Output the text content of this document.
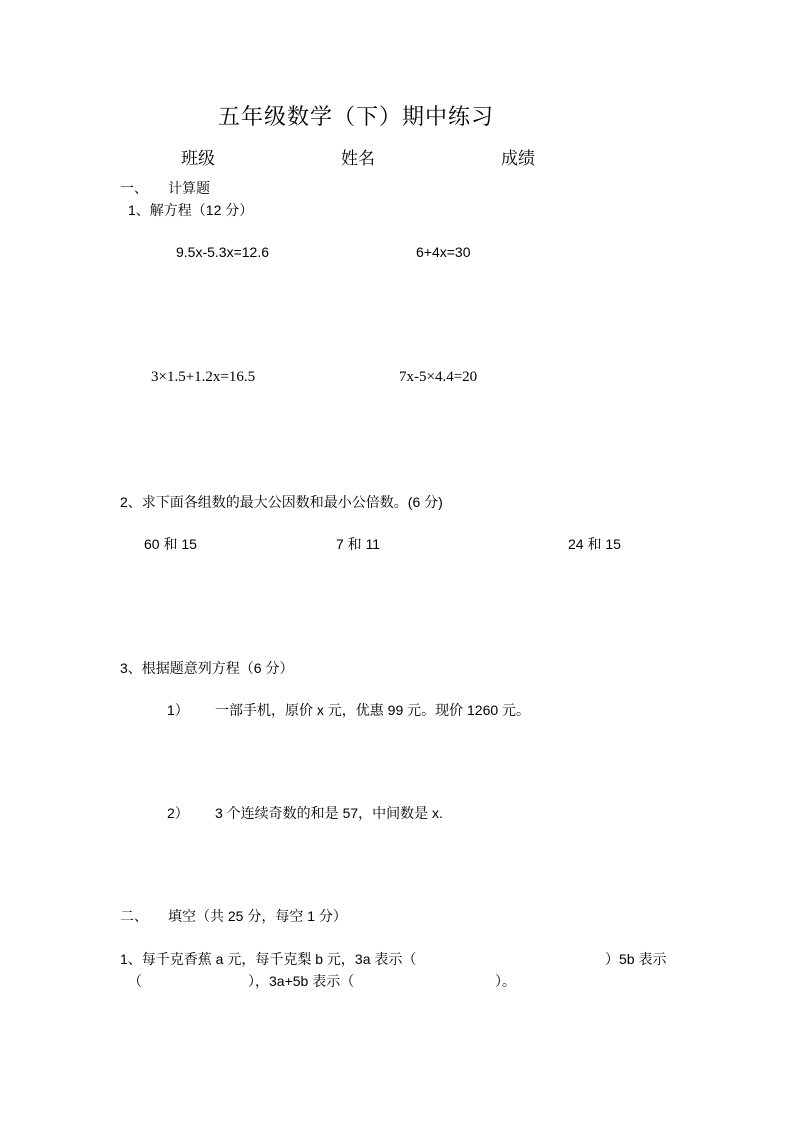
五年级数学（下）期中练习
班级	姓名	成绩
一、 计算题
1、解方程（12 分）
9.5x-5.3x=12.6	6+4x=30
3×1.5+1.2x=16.5	7x-5×4.4=20
2、求下面各组数的最大公因数和最小公倍数。(6 分)
60 和 15	7 和 11	24 和 15
3、根据题意列方程（6 分）
1） 一部手机，原价 x 元，优惠 99 元。现价 1260 元。
2） 3 个连续奇数的和是 57，中间数是 x.
二、 填空（共 25 分，每空 1 分）
1、每千克香蕉 a 元，每千克梨 b 元，3a 表示（	）5b 表示
（	），3a+5b 表示（	）。
